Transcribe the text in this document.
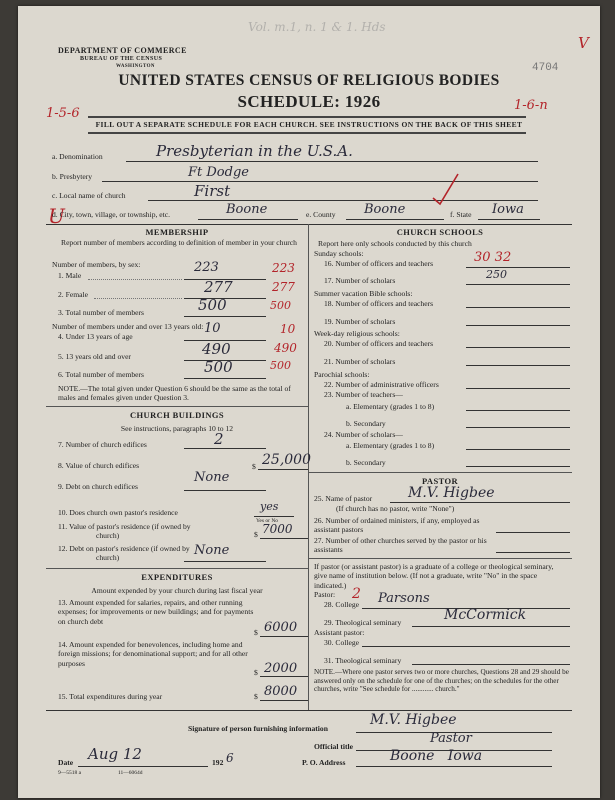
Vol. m.1, n. 1 & 1. Hds
V
4704
DEPARTMENT OF COMMERCE
BUREAU OF THE CENSUS
WASHINGTON
UNITED STATES CENSUS OF RELIGIOUS BODIES
SCHEDULE: 1926
1-5-6
1-6-n
FILL OUT A SEPARATE SCHEDULE FOR EACH CHURCH. SEE INSTRUCTIONS ON THE BACK OF THIS SHEET
a. Denomination	Presbyterian in the U.S.A.
b. Presbytery	Ft Dodge
c. Local name of church	First
U
d. City, town, village, or township, etc.	Boone	e. County Boone	f. State Iowa
MEMBERSHIP
Report number of members according to definition of member in your church
Number of members, by sex:
1. Male
223	223
2. Female	277	277
3. Total number of members	500	500
Number of members under and over 13 years old:
4. Under 13 years of age
10	10
5. 13 years old and over	490	490
6. Total number of members	500	500
NOTE.—The total given under Question 6 should be the same as the total of males and females given under Question 3.
CHURCH BUILDINGS
See instructions, paragraphs 10 to 12
7. Number of church edifices	2
8. Value of church edifices	$ 25,000
9. Debt on church edifices
None
10. Does church own pastor's residence	yes
Yes or No
11. Value of pastor's residence (if owned by
church)	$ 7000
12. Debt on pastor's residence (if owned by
church)	None
EXPENDITURES
Amount expended by your church during last fiscal year
13. Amount expended for salaries, repairs, and other running expenses; for improvements or new buildings; and for payments on church debt
$ 6000
14. Amount expended for benevolences, including home and foreign missions; for denominational support; and for all other purposes
$ 2000
15. Total expenditures during year	$ 8000
CHURCH SCHOOLS
Report here only schools conducted by this church
Sunday schools:
16. Number of officers and teachers	30 32
17. Number of scholars	250
Summer vacation Bible schools:
18. Number of officers and teachers
19. Number of scholars
Week-day religious schools:
20. Number of officers and teachers
21. Number of scholars
Parochial schools:
22. Number of administrative officers
23. Number of teachers—
a. Elementary (grades 1 to 8)
b. Secondary
24. Number of scholars—
a. Elementary (grades 1 to 8)
b. Secondary
PASTOR
25. Name of pastor	M.V. Higbee
(If church has no pastor, write "None")
26. Number of ordained ministers, if any, employed as assistant pastors
27. Number of other churches served by the pastor or his assistants
If pastor (or assistant pastor) is a graduate of a college or theological seminary, give name of institution below. (If not a graduate, write "No" in the space indicated.)
Pastor:
28. College
2 Parsons
29. Theological seminary	McCormick
Assistant pastor:
30. College
31. Theological seminary
NOTE.—Where one pastor serves two or more churches, Questions 28 and 29 should be answered only on the schedule for one of the churches; on the schedules for the other churches, write "See schedule for ............ church."
Signature of person furnishing information
M.V. Higbee
Official title
Pastor
Date Aug 12	192 6	P. O. Address	Boone   Iowa
9—5518 a	11—6064d
